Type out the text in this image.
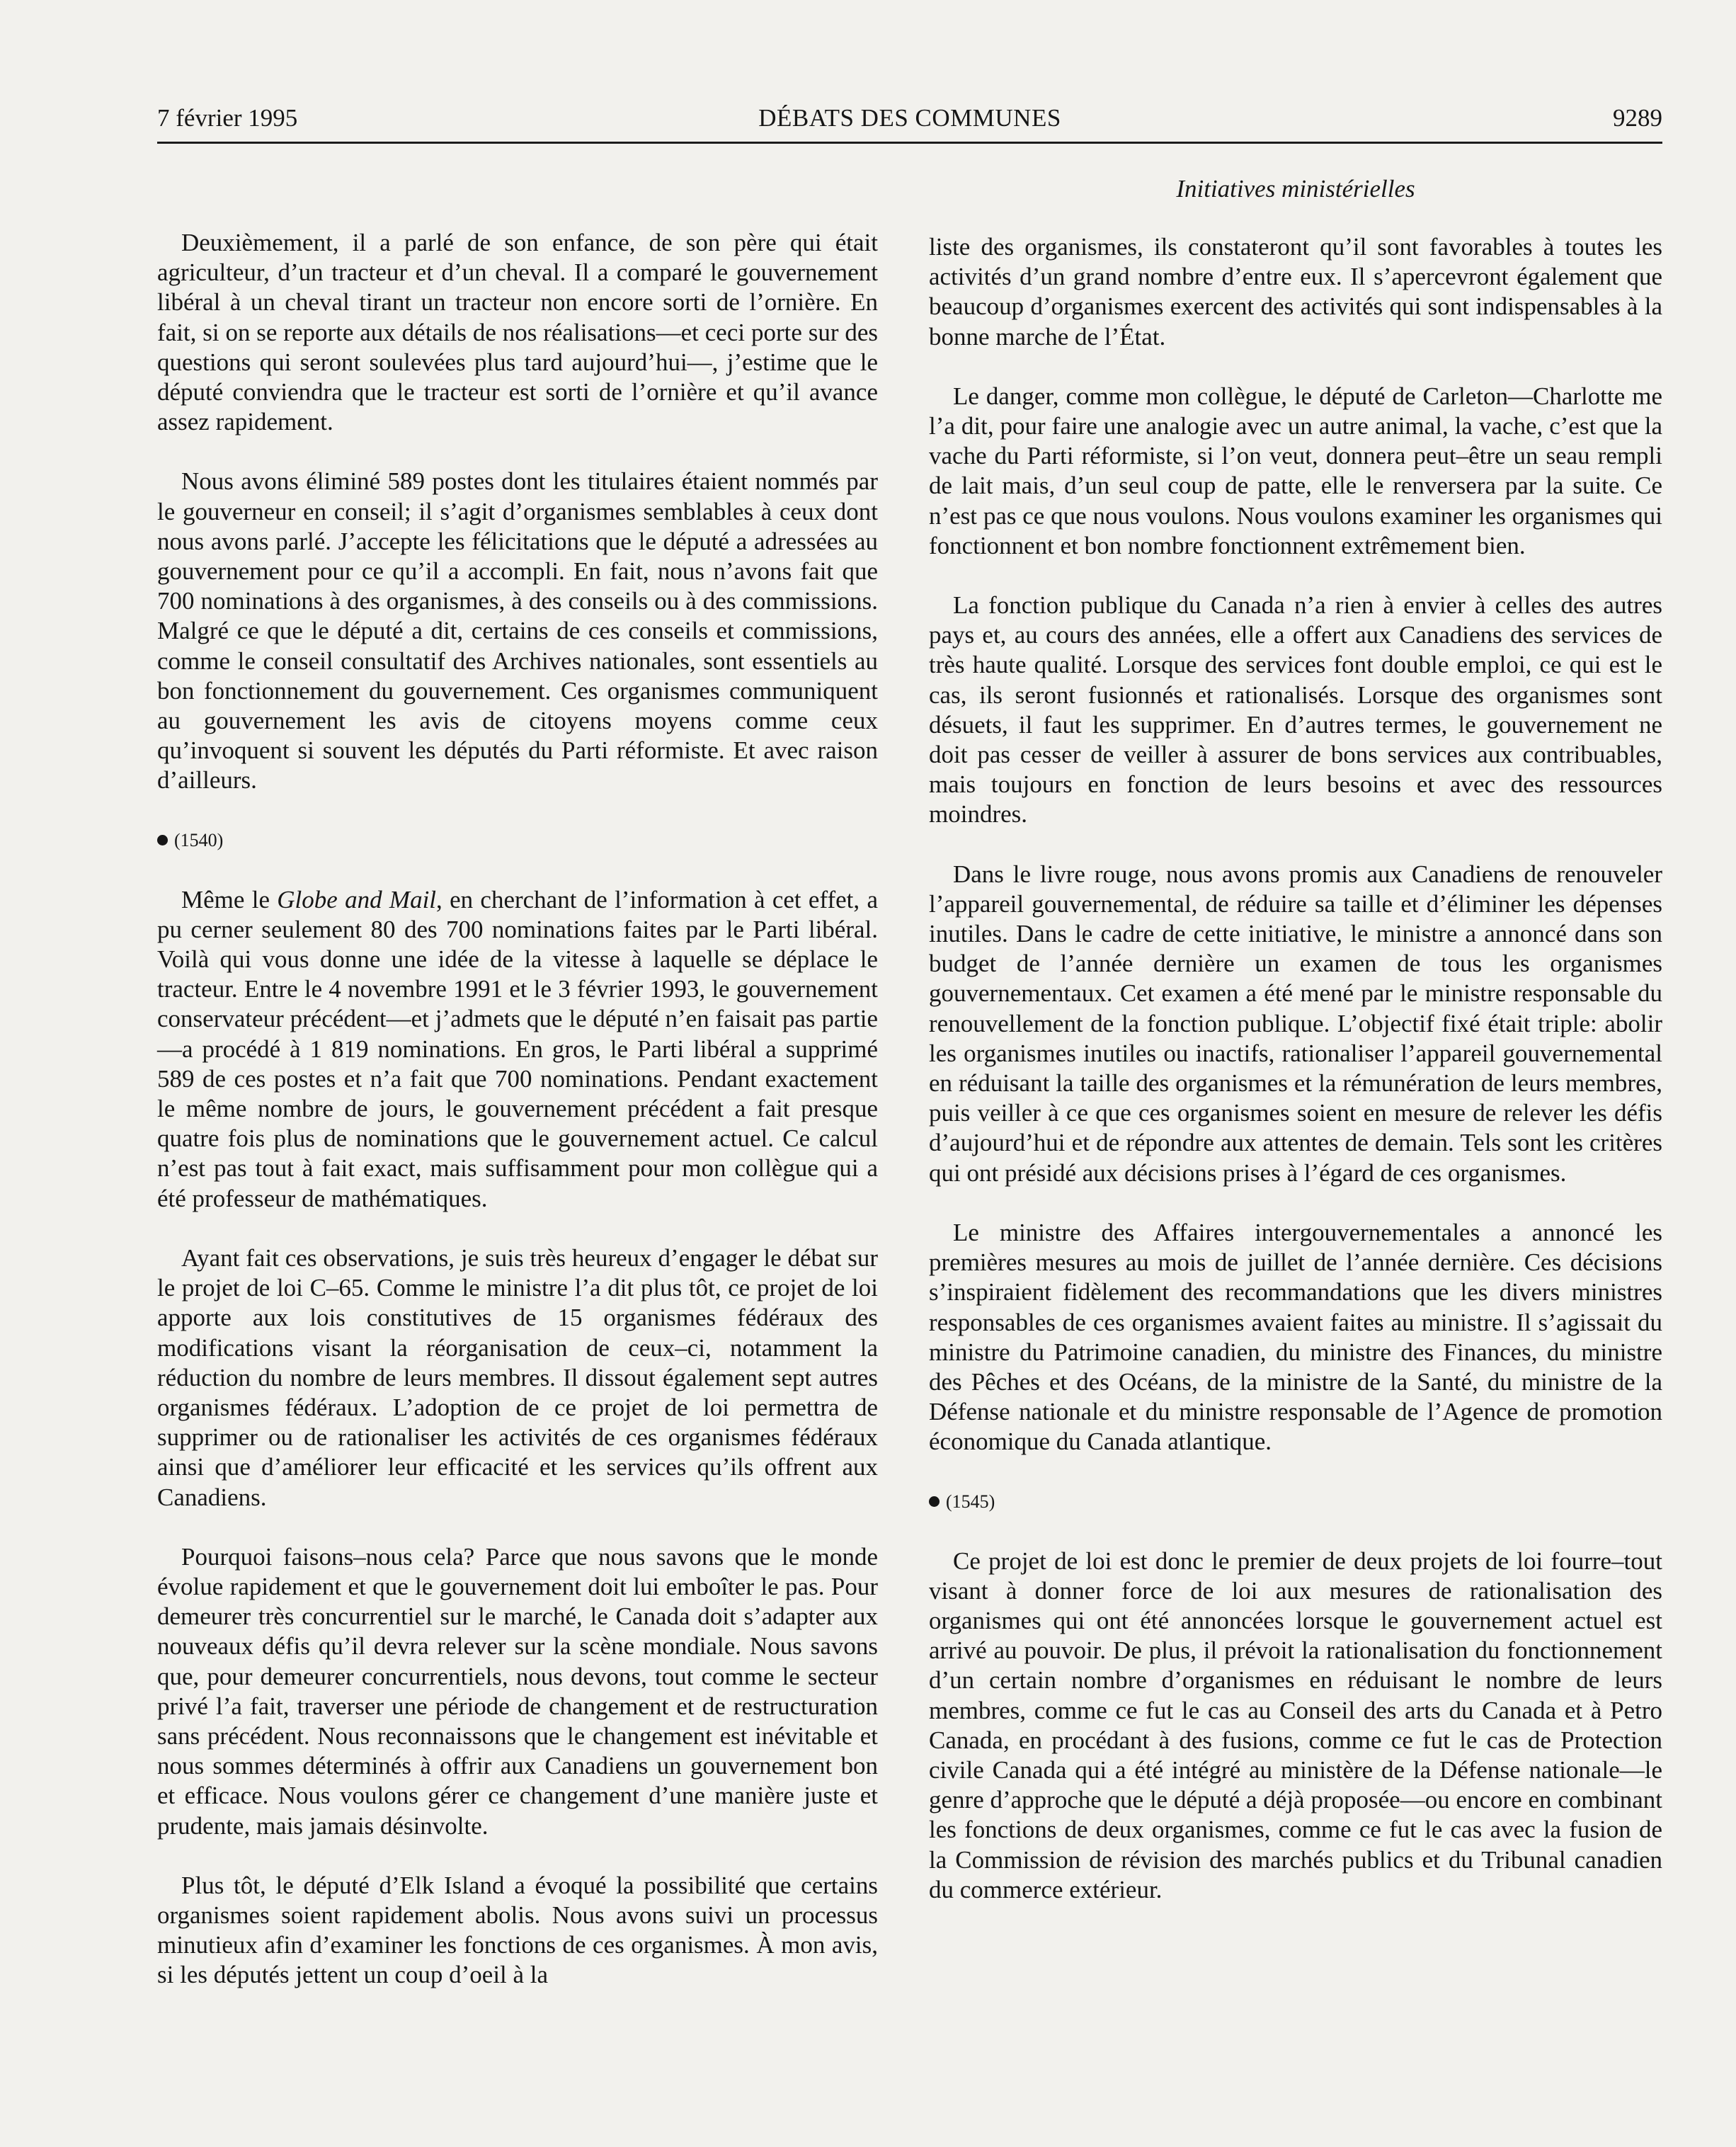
7 février 1995	DÉBATS DES COMMUNES	9289
Initiatives ministérielles

Deuxièmement, il a parlé de son enfance, de son père qui était agriculteur, d’un tracteur et d’un cheval. Il a comparé le gouvernement libéral à un cheval tirant un tracteur non encore sorti de l’ornière. En fait, si on se reporte aux détails de nos réalisations—et ceci porte sur des questions qui seront soulevées plus tard aujourd’hui—, j’estime que le député conviendra que le tracteur est sorti de l’ornière et qu’il avance assez rapidement.

Nous avons éliminé 589 postes dont les titulaires étaient nommés par le gouverneur en conseil; il s’agit d’organismes semblables à ceux dont nous avons parlé. J’accepte les félicitations que le député a adressées au gouvernement pour ce qu’il a accompli. En fait, nous n’avons fait que 700 nominations à des organismes, à des conseils ou à des commissions. Malgré ce que le député a dit, certains de ces conseils et commissions, comme le conseil consultatif des Archives nationales, sont essentiels au bon fonctionnement du gouvernement. Ces organismes communiquent au gouvernement les avis de citoyens moyens comme ceux qu’invoquent si souvent les députés du Parti réformiste. Et avec raison d’ailleurs.

(1540)

Même le Globe and Mail, en cherchant de l’information à cet effet, a pu cerner seulement 80 des 700 nominations faites par le Parti libéral. Voilà qui vous donne une idée de la vitesse à laquelle se déplace le tracteur. Entre le 4 novembre 1991 et le 3 février 1993, le gouvernement conservateur précédent—et j’admets que le député n’en faisait pas partie—a procédé à 1 819 nominations. En gros, le Parti libéral a supprimé 589 de ces postes et n’a fait que 700 nominations. Pendant exactement le même nombre de jours, le gouvernement précédent a fait presque quatre fois plus de nominations que le gouvernement actuel. Ce calcul n’est pas tout à fait exact, mais suffisamment pour mon collègue qui a été professeur de mathématiques.

Ayant fait ces observations, je suis très heureux d’engager le débat sur le projet de loi C–65. Comme le ministre l’a dit plus tôt, ce projet de loi apporte aux lois constitutives de 15 organismes fédéraux des modifications visant la réorganisation de ceux–ci, notamment la réduction du nombre de leurs membres. Il dissout également sept autres organismes fédéraux. L’adoption de ce projet de loi permettra de supprimer ou de rationaliser les activités de ces organismes fédéraux ainsi que d’améliorer leur efficacité et les services qu’ils offrent aux Canadiens.

Pourquoi faisons–nous cela? Parce que nous savons que le monde évolue rapidement et que le gouvernement doit lui emboîter le pas. Pour demeurer très concurrentiel sur le marché, le Canada doit s’adapter aux nouveaux défis qu’il devra relever sur la scène mondiale. Nous savons que, pour demeurer concurrentiels, nous devons, tout comme le secteur privé l’a fait, traverser une période de changement et de restructuration sans précédent. Nous reconnaissons que le changement est inévitable et nous sommes déterminés à offrir aux Canadiens un gouvernement bon et efficace. Nous voulons gérer ce changement d’une manière juste et prudente, mais jamais désinvolte.

Plus tôt, le député d’Elk Island a évoqué la possibilité que certains organismes soient rapidement abolis. Nous avons suivi un processus minutieux afin d’examiner les fonctions de ces organismes. À mon avis, si les députés jettent un coup d’oeil à la

liste des organismes, ils constateront qu’il sont favorables à toutes les activités d’un grand nombre d’entre eux. Il s’apercevront également que beaucoup d’organismes exercent des activités qui sont indispensables à la bonne marche de l’État.

Le danger, comme mon collègue, le député de Carleton—Charlotte me l’a dit, pour faire une analogie avec un autre animal, la vache, c’est que la vache du Parti réformiste, si l’on veut, donnera peut–être un seau rempli de lait mais, d’un seul coup de patte, elle le renversera par la suite. Ce n’est pas ce que nous voulons. Nous voulons examiner les organismes qui fonctionnent et bon nombre fonctionnent extrêmement bien.

La fonction publique du Canada n’a rien à envier à celles des autres pays et, au cours des années, elle a offert aux Canadiens des services de très haute qualité. Lorsque des services font double emploi, ce qui est le cas, ils seront fusionnés et rationalisés. Lorsque des organismes sont désuets, il faut les supprimer. En d’autres termes, le gouvernement ne doit pas cesser de veiller à assurer de bons services aux contribuables, mais toujours en fonction de leurs besoins et avec des ressources moindres.

Dans le livre rouge, nous avons promis aux Canadiens de renouveler l’appareil gouvernemental, de réduire sa taille et d’éliminer les dépenses inutiles. Dans le cadre de cette initiative, le ministre a annoncé dans son budget de l’année dernière un examen de tous les organismes gouvernementaux. Cet examen a été mené par le ministre responsable du renouvellement de la fonction publique. L’objectif fixé était triple: abolir les organismes inutiles ou inactifs, rationaliser l’appareil gouvernemental en réduisant la taille des organismes et la rémunération de leurs membres, puis veiller à ce que ces organismes soient en mesure de relever les défis d’aujourd’hui et de répondre aux attentes de demain. Tels sont les critères qui ont présidé aux décisions prises à l’égard de ces organismes.

Le ministre des Affaires intergouvernementales a annoncé les premières mesures au mois de juillet de l’année dernière. Ces décisions s’inspiraient fidèlement des recommandations que les divers ministres responsables de ces organismes avaient faites au ministre. Il s’agissait du ministre du Patrimoine canadien, du ministre des Finances, du ministre des Pêches et des Océans, de la ministre de la Santé, du ministre de la Défense nationale et du ministre responsable de l’Agence de promotion économique du Canada atlantique.

(1545)

Ce projet de loi est donc le premier de deux projets de loi fourre–tout visant à donner force de loi aux mesures de rationalisation des organismes qui ont été annoncées lorsque le gouvernement actuel est arrivé au pouvoir. De plus, il prévoit la rationalisation du fonctionnement d’un certain nombre d’organismes en réduisant le nombre de leurs membres, comme ce fut le cas au Conseil des arts du Canada et à Petro Canada, en procédant à des fusions, comme ce fut le cas de Protection civile Canada qui a été intégré au ministère de la Défense nationale—le genre d’approche que le député a déjà proposée—ou encore en combinant les fonctions de deux organismes, comme ce fut le cas avec la fusion de la Commission de révision des marchés publics et du Tribunal canadien du commerce extérieur.
